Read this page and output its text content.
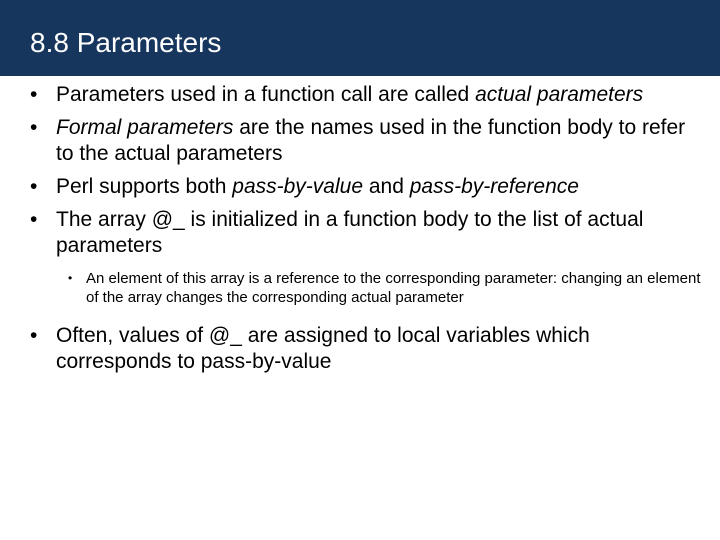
8.8 Parameters
• Parameters used in a function call are called actual parameters
• Formal parameters are the names used in the function body to refer to the actual parameters
• Perl supports both pass-by-value and pass-by-reference
• The array @_ is initialized in a function body to the list of actual parameters
• An element of this array is a reference to the corresponding parameter: changing an element of the array changes the corresponding actual parameter
• Often, values of @_ are assigned to local variables which corresponds to pass-by-value
